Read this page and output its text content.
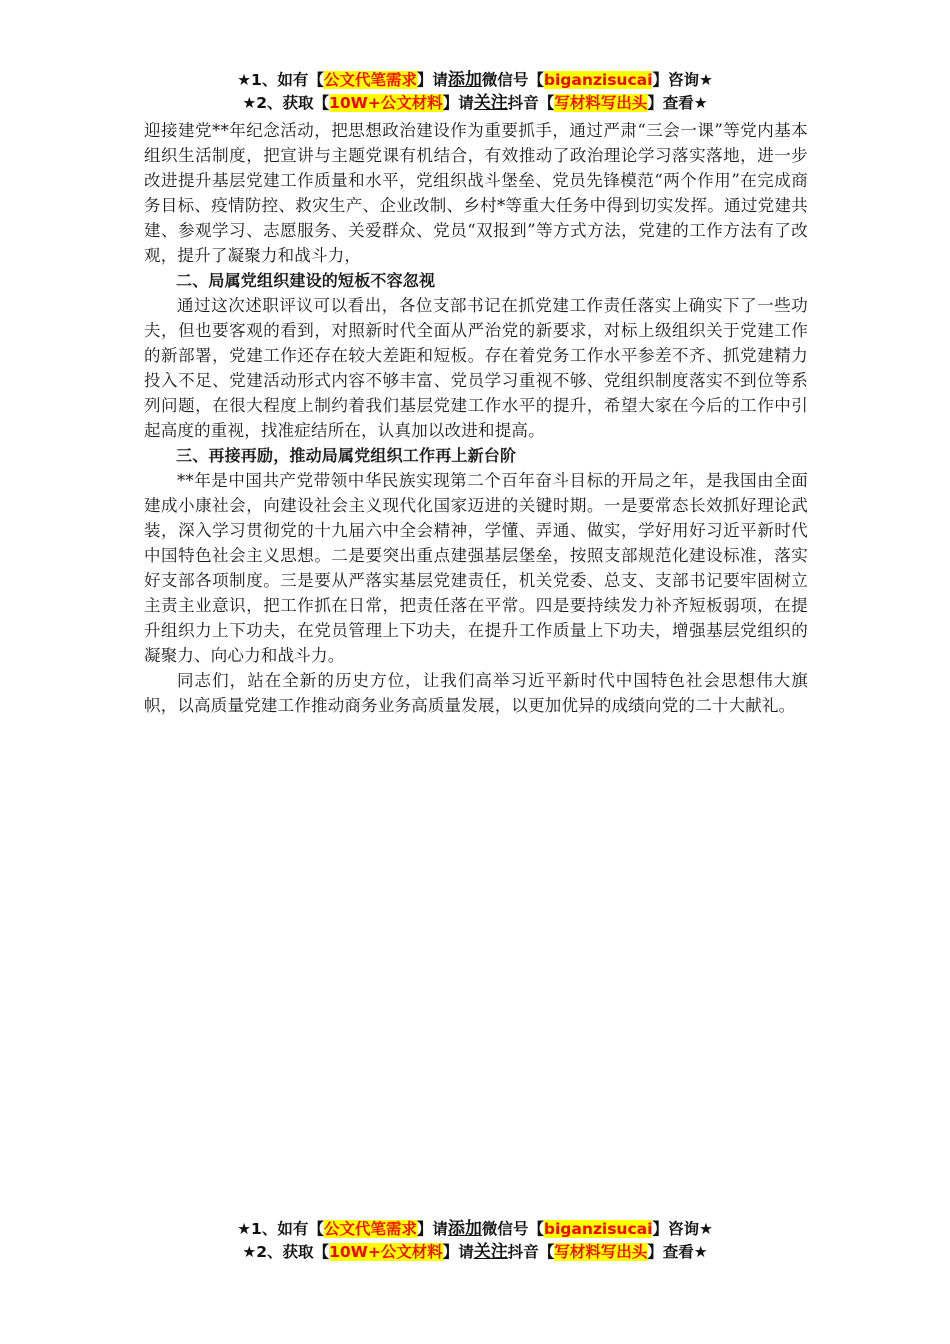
★1、如有【公文代笔需求】请添加微信号【biganzisucai】咨询★
★2、获取【10W+公文材料】请关注抖音【写材料写出头】查看★

迎接建党**年纪念活动，把思想政治建设作为重要抓手，通过严肃“三会一课”等党内基本组织生活制度，把宣讲与主题党课有机结合，有效推动了政治理论学习落实落地，进一步改进提升基层党建工作质量和水平，党组织战斗堡垒、党员先锋模范“两个作用”在完成商务目标、疫情防控、救灾生产、企业改制、乡村*等重大任务中得到切实发挥。通过党建共建、参观学习、志愿服务、关爱群众、党员“双报到”等方式方法，党建的工作方法有了改观，提升了凝聚力和战斗力，

二、局属党组织建设的短板不容忽视

通过这次述职评议可以看出，各位支部书记在抓党建工作责任落实上确实下了一些功夫，但也要客观的看到，对照新时代全面从严治党的新要求，对标上级组织关于党建工作的新部署，党建工作还存在较大差距和短板。存在着党务工作水平参差不齐、抓党建精力投入不足、党建活动形式内容不够丰富、党员学习重视不够、党组织制度落实不到位等系列问题，在很大程度上制约着我们基层党建工作水平的提升，希望大家在今后的工作中引起高度的重视，找准症结所在，认真加以改进和提高。

三、再接再励，推动局属党组织工作再上新台阶

**年是中国共产党带领中华民族实现第二个百年奋斗目标的开局之年，是我国由全面建成小康社会，向建设社会主义现代化国家迈进的关键时期。一是要常态长效抓好理论武装，深入学习贯彻党的十九届六中全会精神，学懂、弄通、做实，学好用好习近平新时代中国特色社会主义思想。二是要突出重点建强基层堡垒，按照支部规范化建设标准，落实好支部各项制度。三是要从严落实基层党建责任，机关党委、总支、支部书记要牢固树立主责主业意识，把工作抓在日常，把责任落在平常。四是要持续发力补齐短板弱项，在提升组织力上下功夫，在党员管理上下功夫，在提升工作质量上下功夫，增强基层党组织的凝聚力、向心力和战斗力。

同志们，站在全新的历史方位，让我们高举习近平新时代中国特色社会思想伟大旗帜，以高质量党建工作推动商务业务高质量发展，以更加优异的成绩向党的二十大献礼。

★1、如有【公文代笔需求】请添加微信号【biganzisucai】咨询★
★2、获取【10W+公文材料】请关注抖音【写材料写出头】查看★
